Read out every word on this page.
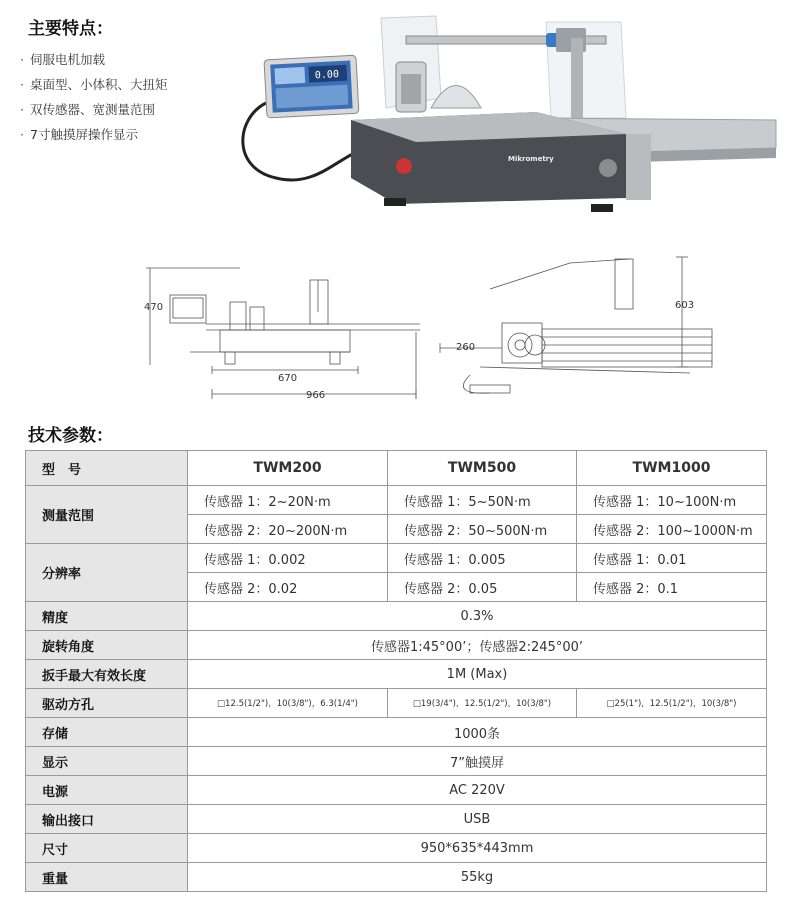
主要特点：
· 伺服电机加载
· 桌面型、小体积、大扭矩
· 双传感器、宽测量范围
· 7寸触摸屏操作显示
0.00
Mikrometry
470
670
966
603
260
技术参数：
型　号	TWM200	TWM500	TWM1000
测量范围	传感器 1：2~20N·m	传感器 1：5~50N·m	传感器 1：10~100N·m
	传感器 2：20~200N·m	传感器 2：50~500N·m	传感器 2：100~1000N·m
分辨率	传感器 1：0.002	传感器 1：0.005	传感器 1：0.01
	传感器 2：0.02	传感器 2：0.05	传感器 2：0.1
精度	0.3%		
旋转角度	传感器1:45°00’；传感器2:245°00’		
扳手最大有效长度	1M (Max)		
驱动方孔	□12.5(1/2")，10(3/8")，6.3(1/4")	□19(3/4")，12.5(1/2")，10(3/8")	□25(1")，12.5(1/2")，10(3/8")
存储	1000条		
显示	7”触摸屏		
电源	AC 220V		
输出接口	USB		
尺寸	950*635*443mm		
重量	55kg		
